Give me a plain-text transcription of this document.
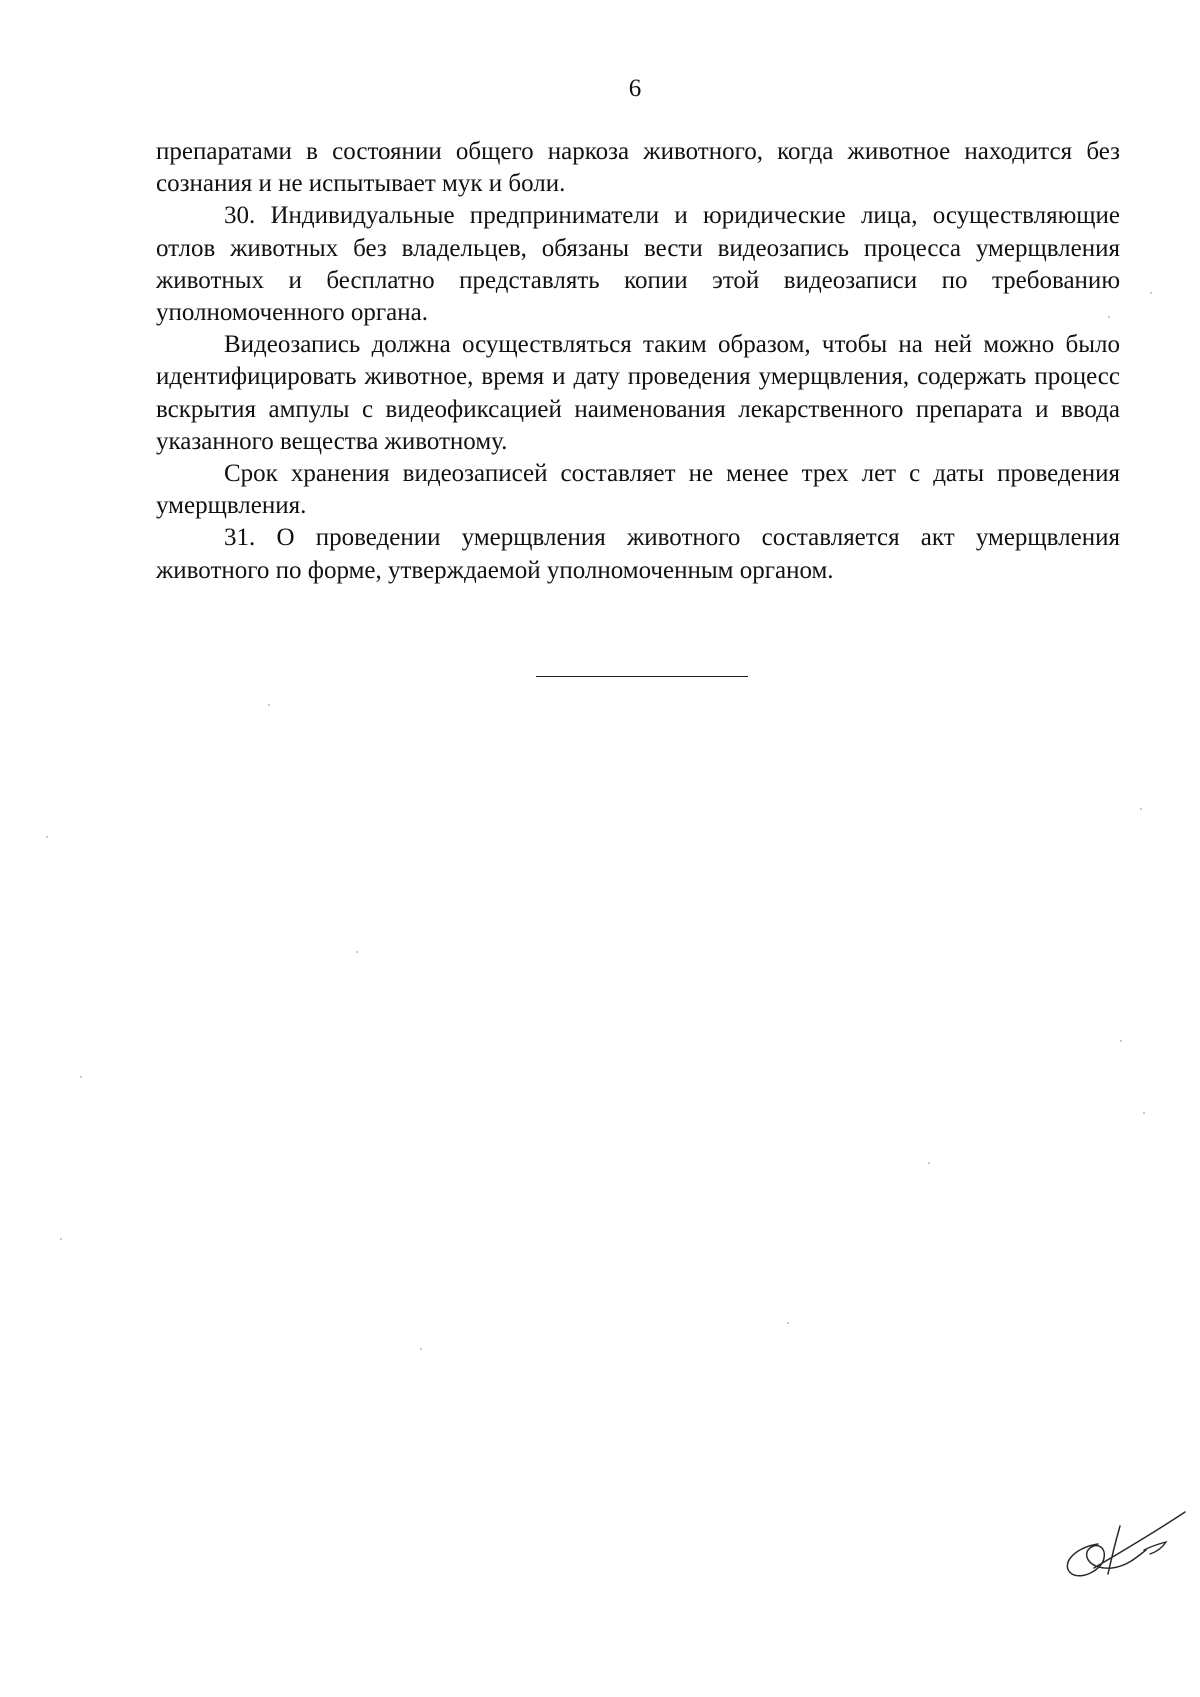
6

препаратами в состоянии общего наркоза животного, когда животное находится без сознания и не испытывает мук и боли.

30. Индивидуальные предприниматели и юридические лица, осуществляющие отлов животных без владельцев, обязаны вести видеозапись процесса умерщвления животных и бесплатно представлять копии этой видеозаписи по требованию уполномоченного органа.

Видеозапись должна осуществляться таким образом, чтобы на ней можно было идентифицировать животное, время и дату проведения умерщвления, содержать процесс вскрытия ампулы с видеофиксацией наименования лекарственного препарата и ввода указанного вещества животному.

Срок хранения видеозаписей составляет не менее трех лет с даты проведения умерщвления.

31. О проведении умерщвления животного составляется акт умерщвления животного по форме, утверждаемой уполномоченным органом.
